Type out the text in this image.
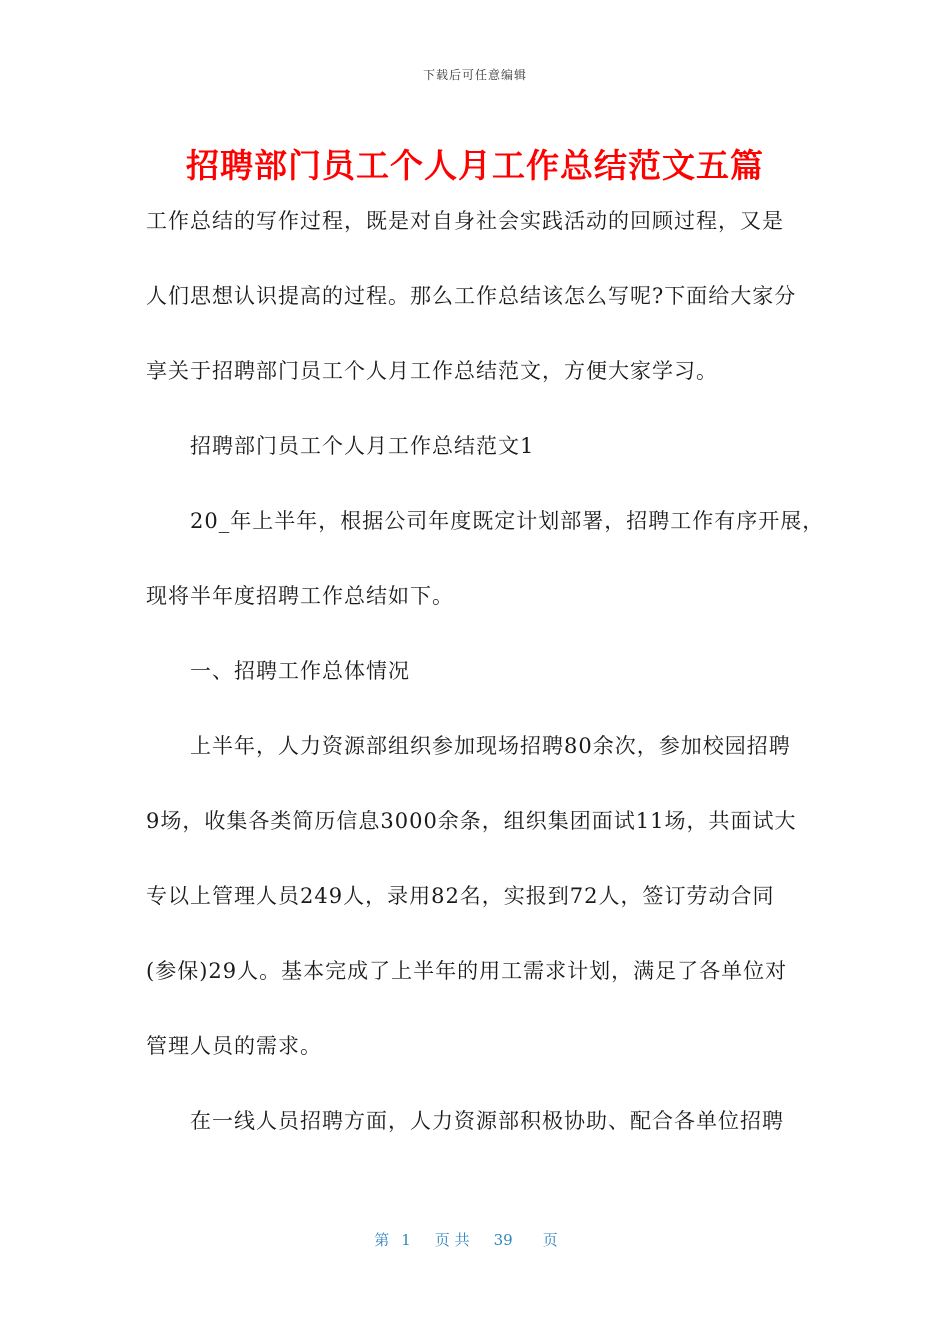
下载后可任意编辑
招聘部门员工个人月工作总结范文五篇
工作总结的写作过程，既是对自身社会实践活动的回顾过程，又是
人们思想认识提高的过程。那么工作总结该怎么写呢?下面给大家分
享关于招聘部门员工个人月工作总结范文，方便大家学习。
招聘部门员工个人月工作总结范文1
20_年上半年，根据公司年度既定计划部署，招聘工作有序开展，
现将半年度招聘工作总结如下。
一、招聘工作总体情况
上半年，人力资源部组织参加现场招聘80余次，参加校园招聘
9场，收集各类简历信息3000余条，组织集团面试11场，共面试大
专以上管理人员249人，录用82名，实报到72人，签订劳动合同
(参保)29人。基本完成了上半年的用工需求计划，满足了各单位对
管理人员的需求。
在一线人员招聘方面，人力资源部积极协助、配合各单位招聘
第 1 页 共 39 页
